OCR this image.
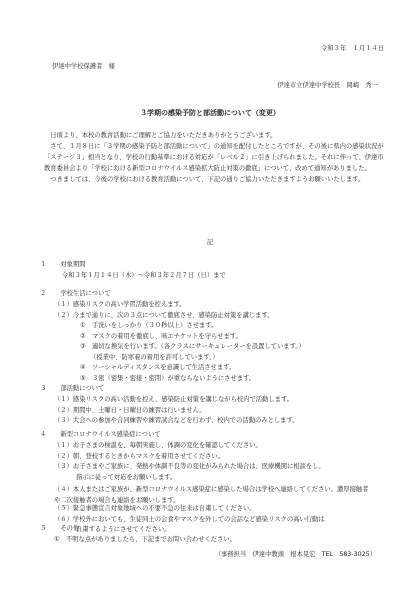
令和３年　１月１４日
伊達中学校保護者　様
伊達市立伊達中学校長　岡崎　秀一
３学期の感染予防と部活動について（変更）

日頃より、本校の教育活動にご理解とご協力をいただきありがとうございます。

さて、１月８日に「３学期の感染予防と部活動について」の通知を配付したところですが、その後に県内の感染状況が「ステージ３」相当となり、学校の行動基準における対応が「レベル２」に引き上げられました。それに伴って、伊達市教育委員会より「学校における新型コロナウイルス感染拡大防止対策の徹底」について、改めて通知がありました。

つきましては、今後の学校における教育活動について、下記の通りご協力いただきますようお願いいたします。

記
１ 対象期間
令和３年１月１４日（木）～令和３年２月７日（日）まで
２ 学校生活について
（１）感染リスクの高い学習活動を控えます。
（２）今まで通りに、次の３点について徹底させ、感染防止対策を講じます。
①　手洗いをしっかり（３０秒以上）させます。
②　マスクの着用を徹底し、咳エチケットを守らせます。
③　適切な換気を行います。（各クラスにサーキュレーターを設置しています。）
（授業中、防寒着の着用を許可しています。）
④　ソーシャルディスタンスを意識して生活させます。
⑤　３密（密集・密接・密閉）が重ならないようにさせます。
３ 部活動について
（１）感染リスクの高い活動を控え、感染防止対策を講じながら校内で活動します。
（２）期間中、土曜日・日曜日の練習は行いません。
（３）大会への参加や合同練習や練習試合などを行わず、校内での活動のみとします。
４ 新型コロナウイルス感染症について
（１）お子さまの検温を、毎朝実施し、体調の変化を確認してください。
（２）朝、登校するときからマスクを着用させてください。
（３）お子さまやご家族に、発熱や体調不良等の変化がみられた場合は、医療機関に相談をし、
指示に従って対応をお願いします。
（４）本人またはご家族が、新型コロナウイルス感染症に感染した場合は学校へ連絡してください。濃厚接触者や二次接触者の場合も連絡をお願いします。
（５）緊急事態宣言対象地域への不要不急の往来は自粛してください。
（６）学校外においても、生徒同士の会食やマスクを外しての会話など感染リスクの高い行動は
自粛するようにさせてください。
５ その他
①　不明な点がありましたら、下記までお問い合わせください。
（事務担当　伊達中教頭　根本晃宏　TEL　583-3025）
